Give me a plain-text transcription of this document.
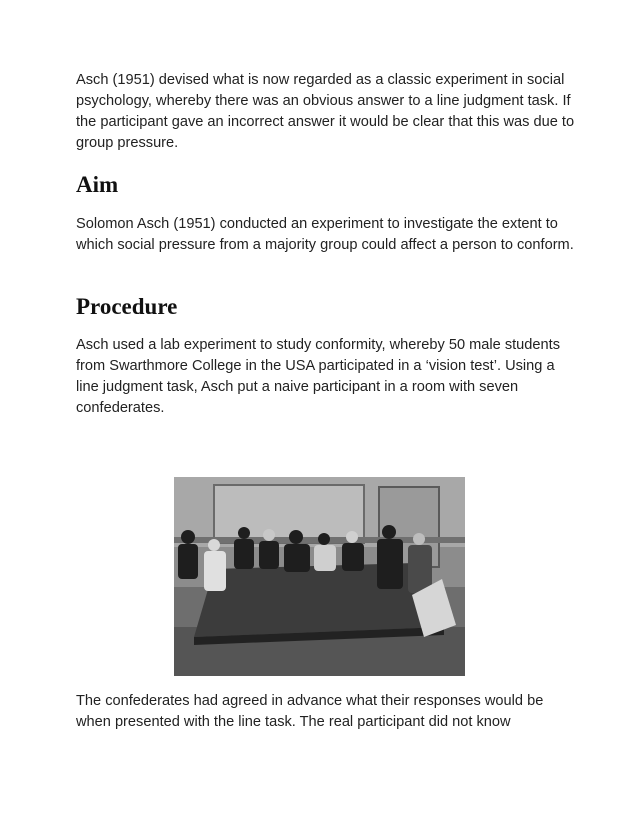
Asch (1951) devised what is now regarded as a classic experiment in social psychology, whereby there was an obvious answer to a line judgment task. If the participant gave an incorrect answer it would be clear that this was due to group pressure.

Aim

Solomon Asch (1951) conducted an experiment to investigate the extent to which social pressure from a majority group could affect a person to conform.

Procedure

Asch used a lab experiment to study conformity, whereby 50 male students from Swarthmore College in the USA participated in a ‘vision test’. Using a line judgment task, Asch put a naive participant in a room with seven confederates.

The confederates had agreed in advance what their responses would be when presented with the line task. The real participant did not know
